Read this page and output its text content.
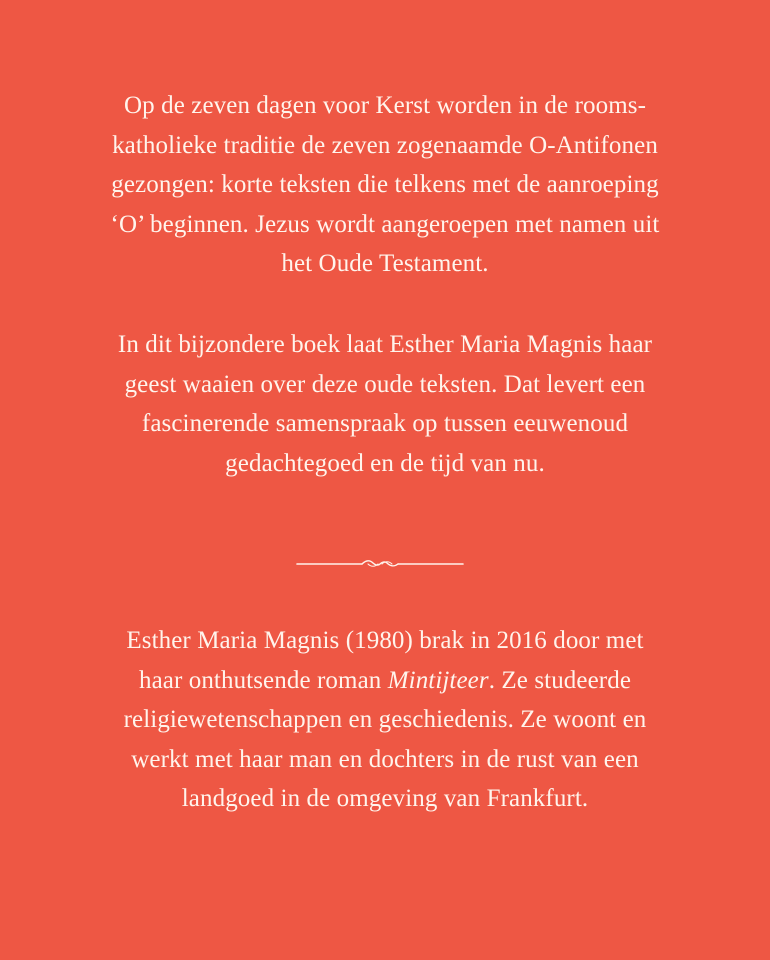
Op de zeven dagen voor Kerst worden in de rooms-
katholieke traditie de zeven zogenaamde O-Antifonen
gezongen: korte teksten die telkens met de aanroeping
‘O’ beginnen. Jezus wordt aangeroepen met namen uit
het Oude Testament.

In dit bijzondere boek laat Esther Maria Magnis haar
geest waaien over deze oude teksten. Dat levert een
fascinerende samenspraak op tussen eeuwenoud
gedachtegoed en de tijd van nu.

Esther Maria Magnis (1980) brak in 2016 door met
haar onthutsende roman Mintijteer. Ze studeerde
religiewetenschappen en geschiedenis. Ze woont en
werkt met haar man en dochters in de rust van een
landgoed in de omgeving van Frankfurt.
